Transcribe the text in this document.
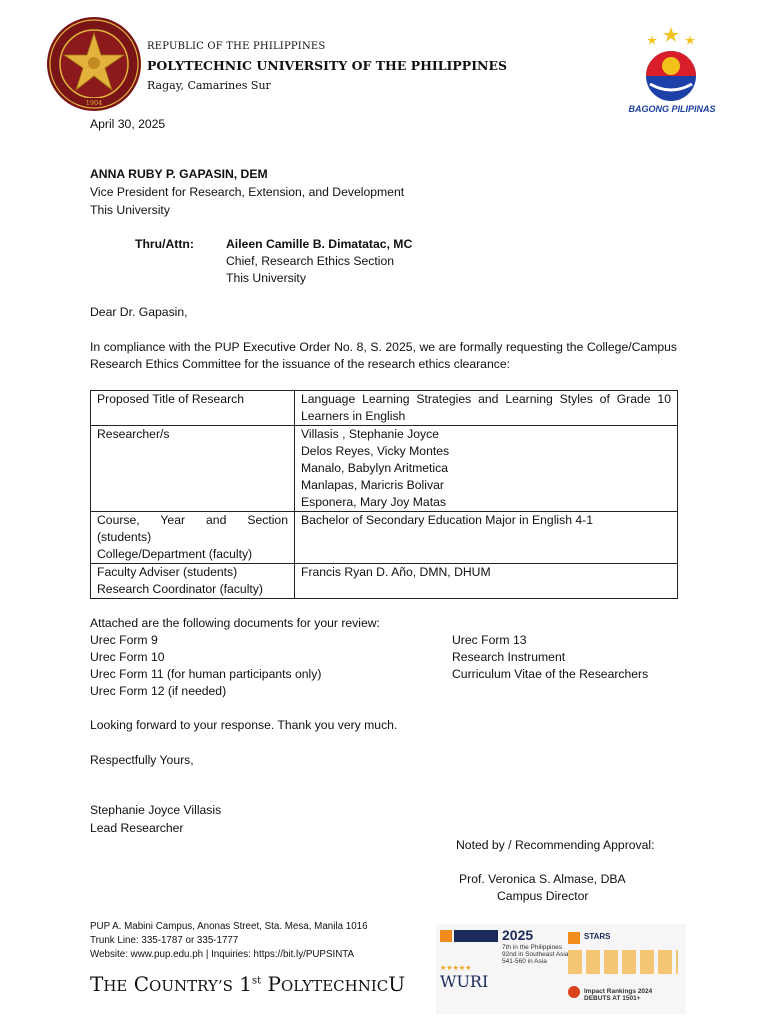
1904
REPUBLIC OF THE PHILIPPINES
POLYTECHNIC UNIVERSITY OF THE PHILIPPINES
Ragay, Camarines Sur
BAGONG PILIPINAS
April 30, 2025
ANNA RUBY P. GAPASIN, DEM
Vice President for Research, Extension, and Development
This University
Thru/Attn:	Aileen Camille B. Dimatatac, MC
Chief, Research Ethics Section
This University
Dear Dr. Gapasin,
In compliance with the PUP Executive Order No. 8, S. 2025, we are formally requesting the College/Campus Research Ethics Committee for the issuance of the research ethics clearance:
Proposed Title of Research	Language Learning Strategies and Learning Styles of Grade 10 Learners in English
Researcher/s	Villasis , Stephanie Joyce
Delos Reyes, Vicky Montes
Manalo, Babylyn Aritmetica
Manlapas, Maricris Bolivar
Esponera, Mary Joy Matas

Course, Year and Section (students)
College/Department (faculty)	Bachelor of Secondary Education Major in English 4-1

Faculty Adviser (students)
Research Coordinator (faculty)	Francis Ryan D. Año, DMN, DHUM
Attached are the following documents for your review:
Urec Form 9
Urec Form 10
Urec Form 11 (for human participants only)
Urec Form 12 (if needed)
Urec Form 13
Research Instrument
Curriculum Vitae of the Researchers
Looking forward to your response. Thank you very much.
Respectfully Yours,
Stephanie Joyce Villasis
Lead Researcher
Noted by / Recommending Approval:
Prof. Veronica S. Almase, DBA
Campus Director
PUP A. Mabini Campus, Anonas Street, Sta. Mesa, Manila 1016
Trunk Line: 335-1787 or 335-1777
Website: www.pup.edu.ph | Inquiries: https://bit.ly/PUPSINTA
THE COUNTRY’S 1st POLYTECHNICU
2025
7th in the Philippines
92nd in Southeast Asia
541-560 in Asia
★★★★★
WURI
STARS
Impact Rankings 2024
DEBUTS AT 1501+
